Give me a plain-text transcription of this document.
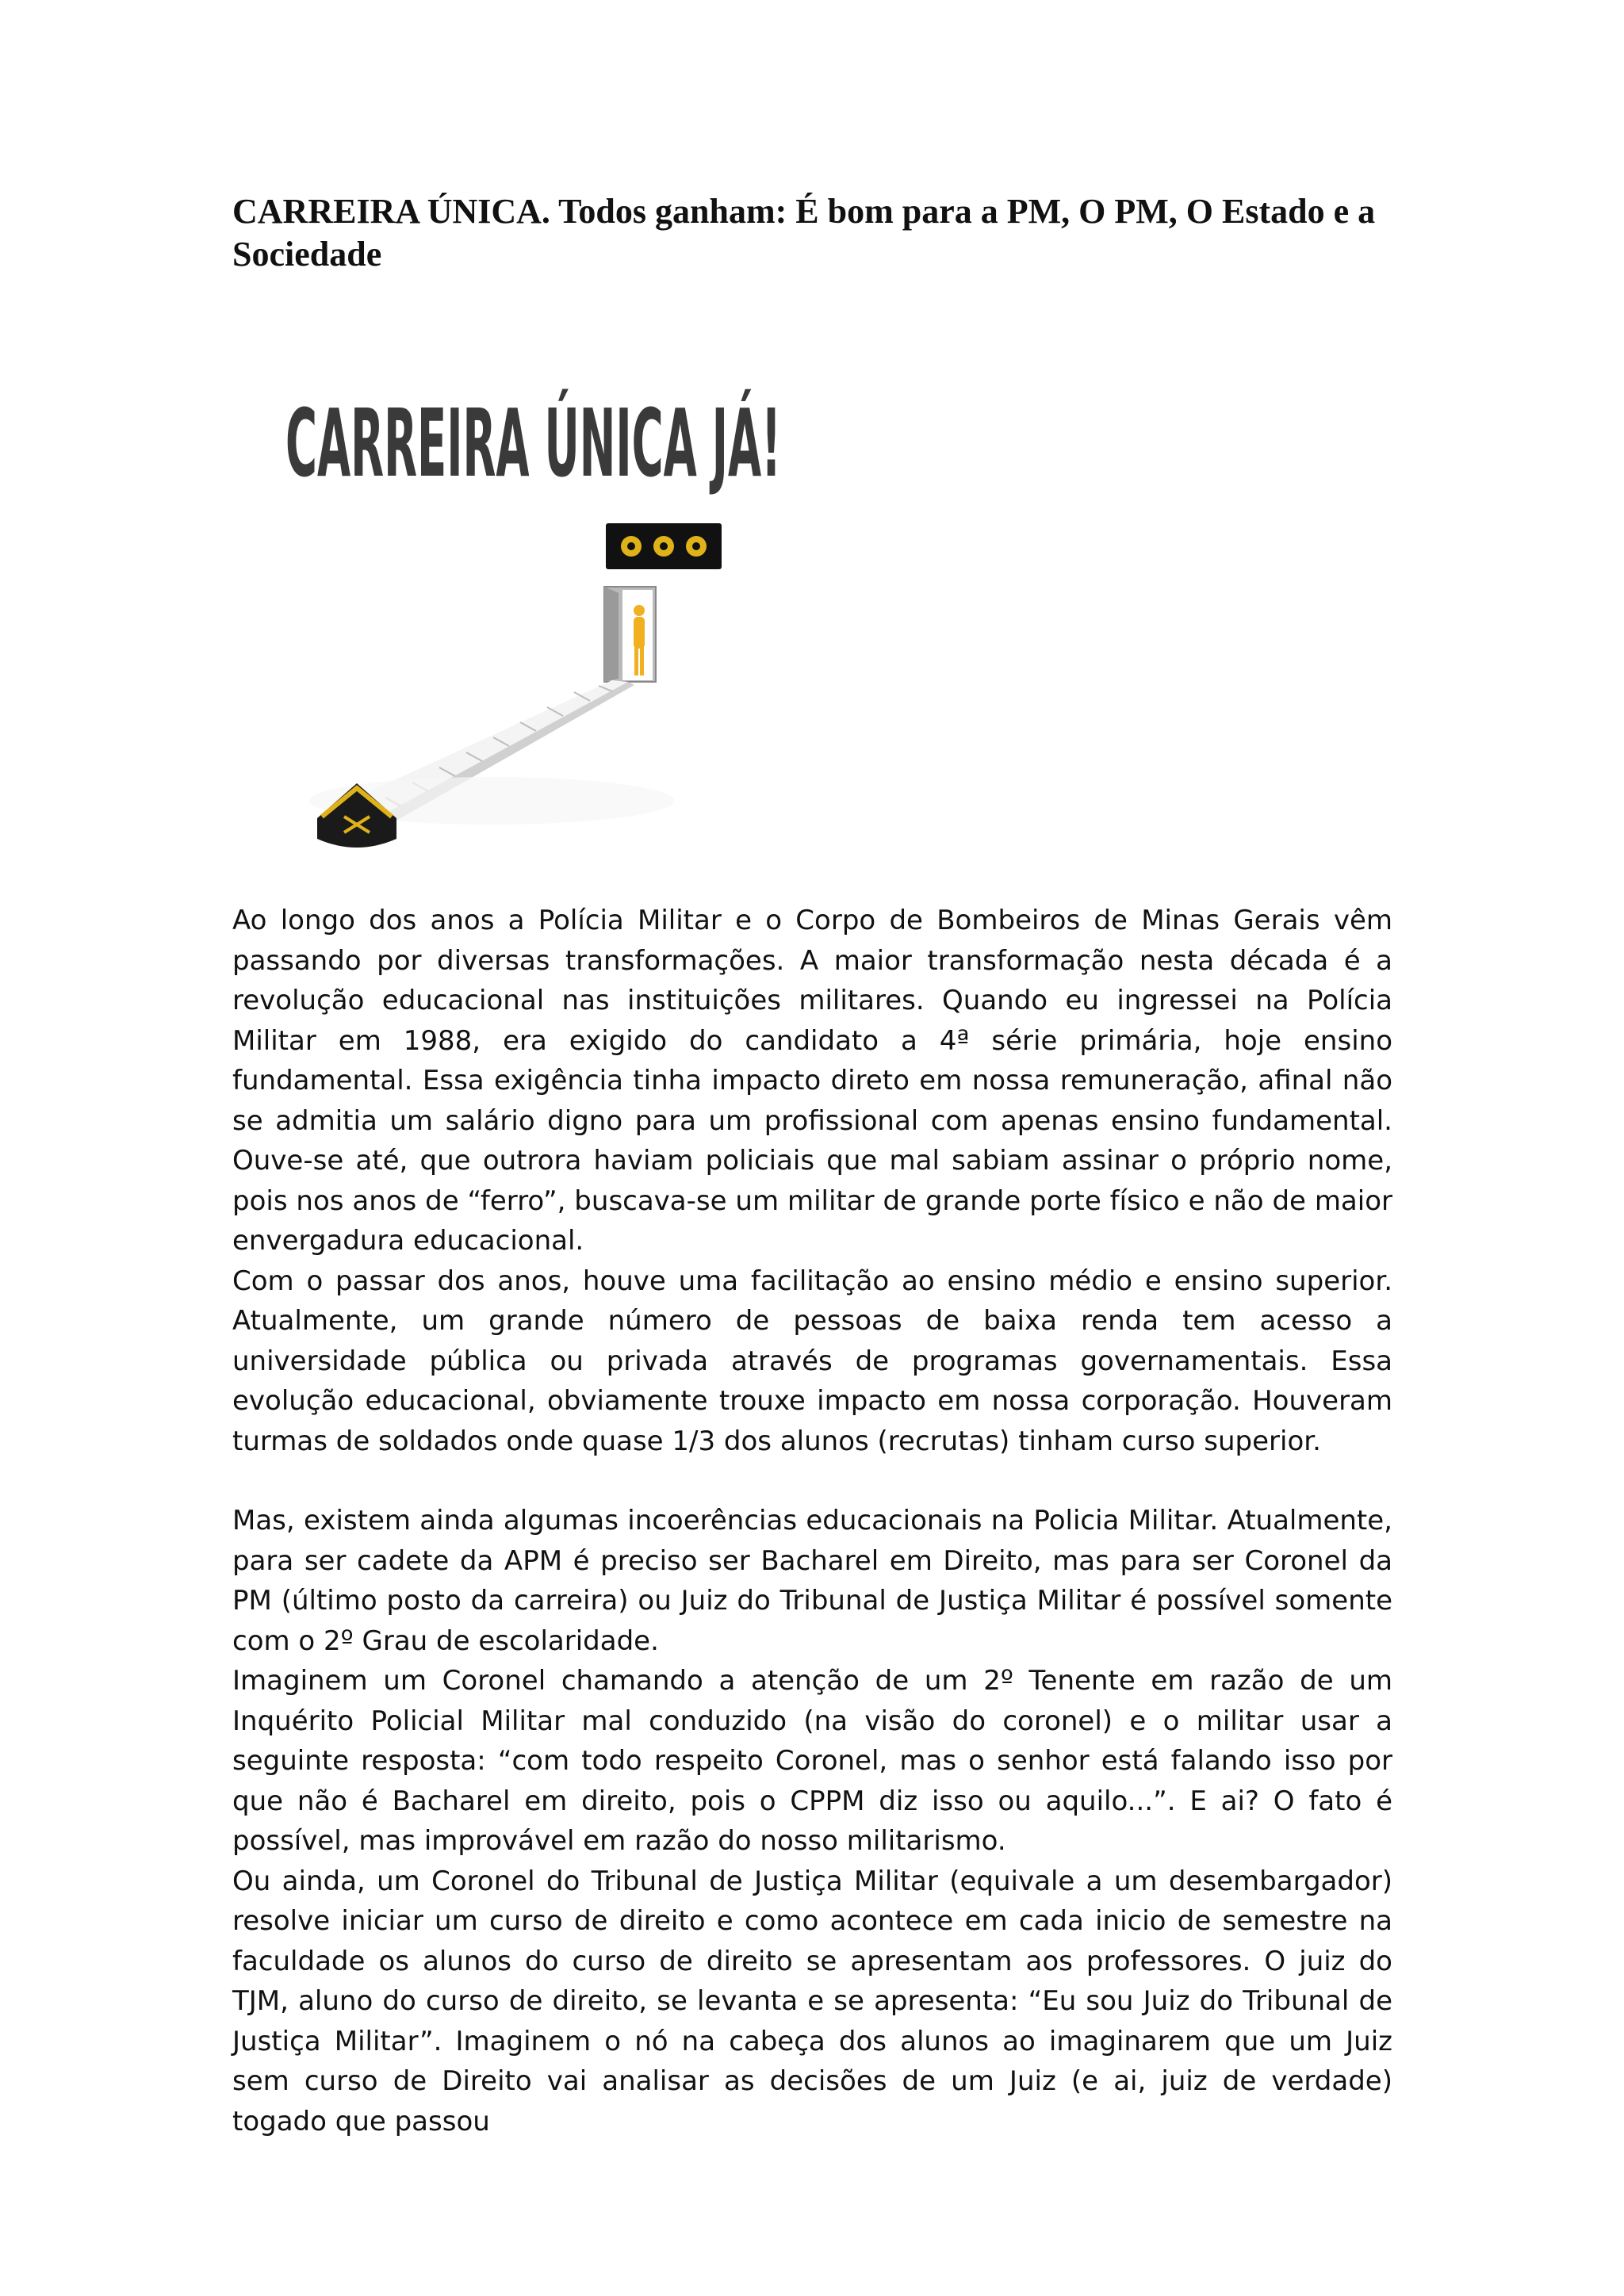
CARREIRA ÚNICA. Todos ganham: É bom para a PM, O PM, O Estado e a Sociedade
CARREIRA ÚNICA JÁ!

Ao longo dos anos a Polícia Militar e o Corpo de Bombeiros de Minas Gerais vêm passando por diversas transformações. A maior transformação nesta década é a revolução educacional nas instituições militares. Quando eu ingressei na Polícia Militar em 1988, era exigido do candidato a 4ª série primária, hoje ensino fundamental. Essa exigência tinha impacto direto em nossa remuneração, afinal não se admitia um salário digno para um profissional com apenas ensino fundamental. Ouve-se até, que outrora haviam policiais que mal sabiam assinar o próprio nome, pois nos anos de “ferro”, buscava-se um militar de grande porte físico e não de maior envergadura educacional.

Com o passar dos anos, houve uma facilitação ao ensino médio e ensino superior. Atualmente, um grande número de pessoas de baixa renda tem acesso a universidade pública ou privada através de programas governamentais. Essa evolução educacional, obviamente trouxe impacto em nossa corporação. Houveram turmas de soldados onde quase 1/3 dos alunos (recrutas) tinham curso superior.

Mas, existem ainda algumas incoerências educacionais na Policia Militar. Atualmente, para ser cadete da APM é preciso ser Bacharel em Direito, mas para ser Coronel da PM (último posto da carreira) ou Juiz do Tribunal de Justiça Militar é possível somente com o 2º Grau de escolaridade.

Imaginem um Coronel chamando a atenção de um 2º Tenente em razão de um Inquérito Policial Militar mal conduzido (na visão do coronel) e o militar usar a seguinte resposta: “com todo respeito Coronel, mas o senhor está falando isso por que não é Bacharel em direito, pois o CPPM diz isso ou aquilo...”. E ai? O fato é possível, mas improvável em razão do nosso militarismo.

Ou ainda, um Coronel do Tribunal de Justiça Militar (equivale a um desembargador) resolve iniciar um curso de direito e como acontece em cada inicio de semestre na faculdade os alunos do curso de direito se apresentam aos professores. O juiz do TJM, aluno do curso de direito, se levanta e se apresenta: “Eu sou Juiz do Tribunal de Justiça Militar”. Imaginem o nó na cabeça dos alunos ao imaginarem que um Juiz sem curso de Direito vai analisar as decisões de um Juiz (e ai, juiz de verdade) togado que passou
